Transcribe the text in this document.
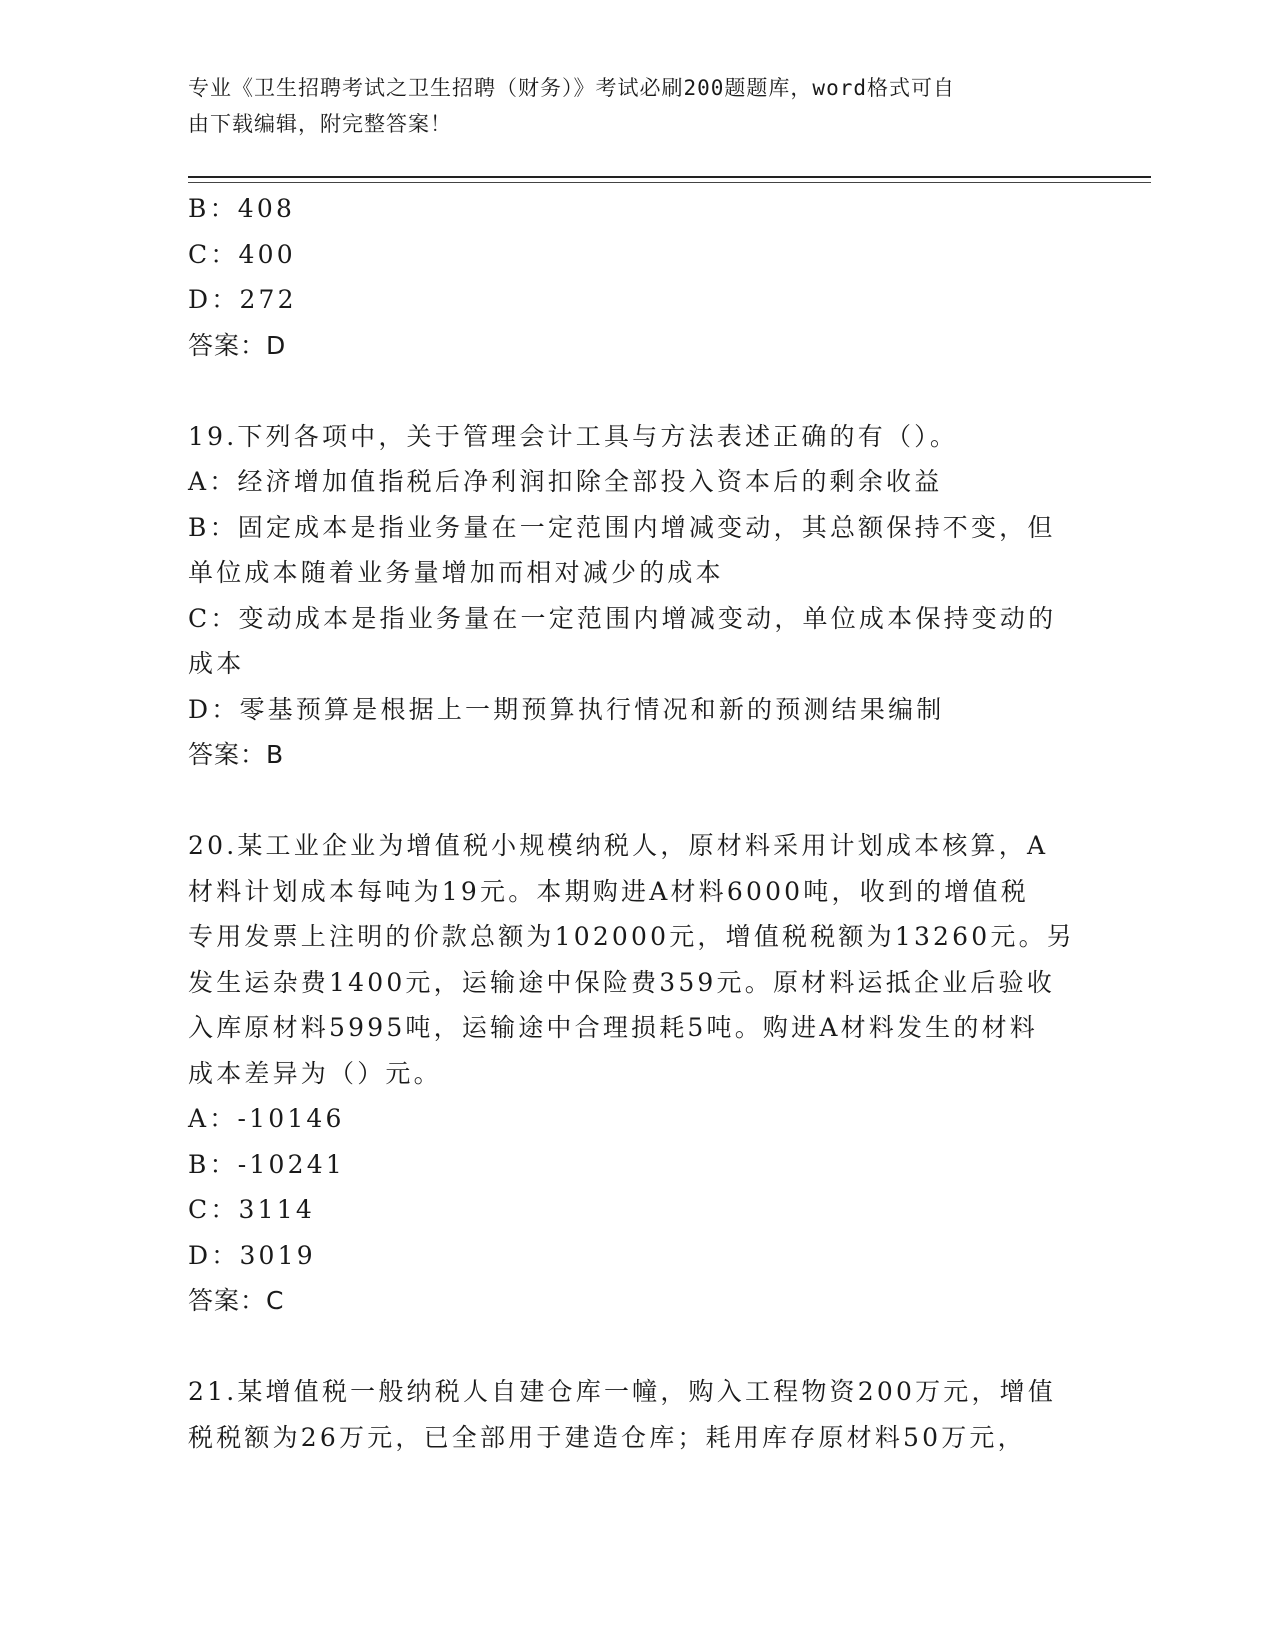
专业《卫生招聘考试之卫生招聘（财务）》考试必刷200题题库，word格式可自
由下载编辑，附完整答案！
B：408
C：400
D：272
答案：D
19.下列各项中，关于管理会计工具与方法表述正确的有（）。
A：经济增加值指税后净利润扣除全部投入资本后的剩余收益
B：固定成本是指业务量在一定范围内增减变动，其总额保持不变，但
单位成本随着业务量增加而相对减少的成本
C：变动成本是指业务量在一定范围内增减变动，单位成本保持变动的
成本
D：零基预算是根据上一期预算执行情况和新的预测结果编制
答案：B
20.某工业企业为增值税小规模纳税人，原材料采用计划成本核算，A
材料计划成本每吨为19元。本期购进A材料6000吨，收到的增值税
专用发票上注明的价款总额为102000元，增值税税额为13260元。另
发生运杂费1400元，运输途中保险费359元。原材料运抵企业后验收
入库原材料5995吨，运输途中合理损耗5吨。购进A材料发生的材料
成本差异为（）元。
A：-10146
B：-10241
C：3114
D：3019
答案：C
21.某增值税一般纳税人自建仓库一幢，购入工程物资200万元，增值
税税额为26万元，已全部用于建造仓库；耗用库存原材料50万元，
